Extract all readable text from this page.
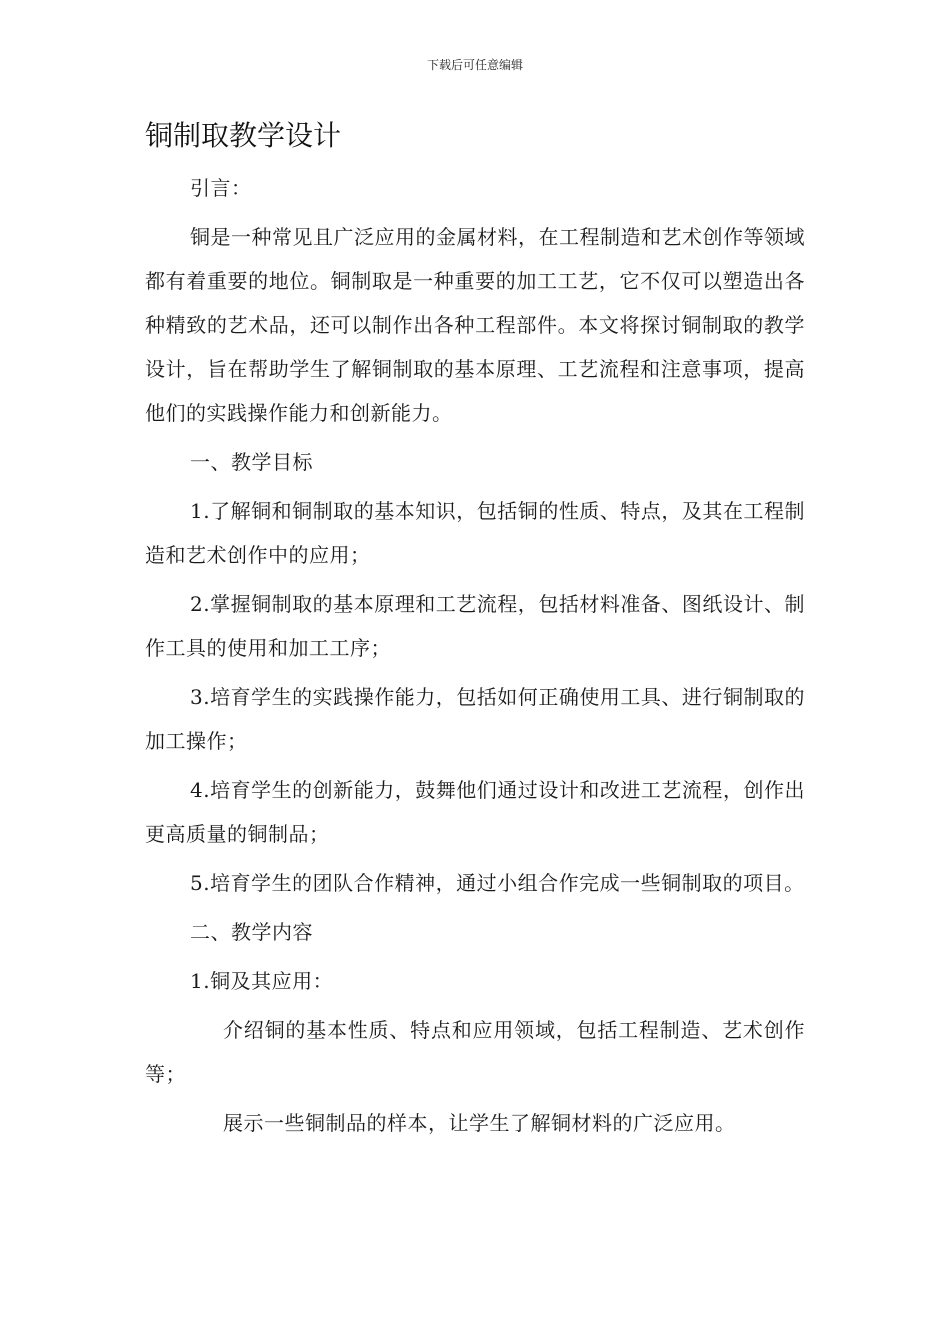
下载后可任意编辑
铜制取教学设计

引言：

铜是一种常见且广泛应用的金属材料，在工程制造和艺术创作等领域都有着重要的地位。铜制取是一种重要的加工工艺，它不仅可以塑造出各种精致的艺术品，还可以制作出各种工程部件。本文将探讨铜制取的教学设计，旨在帮助学生了解铜制取的基本原理、工艺流程和注意事项，提高他们的实践操作能力和创新能力。

一、教学目标

1.了解铜和铜制取的基本知识，包括铜的性质、特点，及其在工程制造和艺术创作中的应用；

2.掌握铜制取的基本原理和工艺流程，包括材料准备、图纸设计、制作工具的使用和加工工序；

3.培育学生的实践操作能力，包括如何正确使用工具、进行铜制取的加工操作；

4.培育学生的创新能力，鼓舞他们通过设计和改进工艺流程，创作出更高质量的铜制品；

5.培育学生的团队合作精神，通过小组合作完成一些铜制取的项目。

二、教学内容

1.铜及其应用：

介绍铜的基本性质、特点和应用领域，包括工程制造、艺术创作等；

展示一些铜制品的样本，让学生了解铜材料的广泛应用。
